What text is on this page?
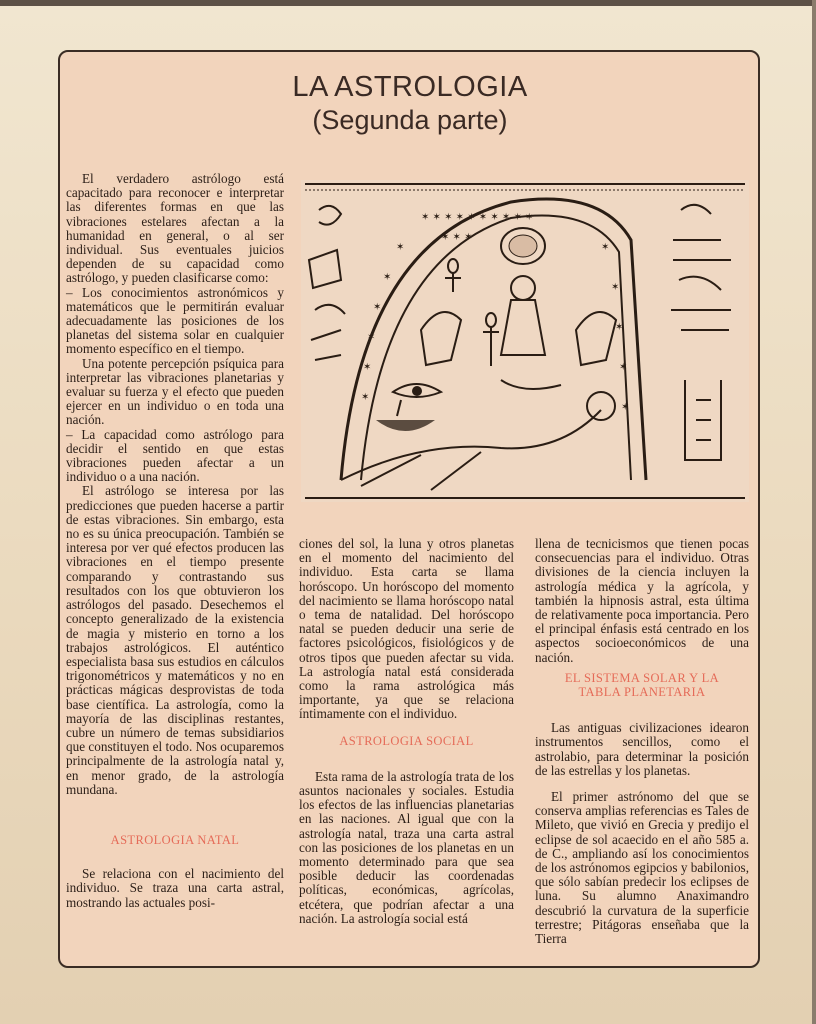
LA ASTROLOGIA
(Segunda parte)

El verdadero astrólogo está capacitado para reconocer e interpretar las diferentes formas en que las vibraciones estelares afectan a la humanidad en general, o al ser individual. Sus eventuales juicios dependen de su capacidad como astrólogo, y pueden clasificarse como:

– Los conocimientos astronómicos y matemáticos que le permitirán evaluar adecuadamente las posiciones de los planetas del sistema solar en cualquier momento específico en el tiempo.

Una potente percepción psíquica para interpretar las vibraciones planetarias y evaluar su fuerza y el efecto que pueden ejercer en un individuo o en toda una nación.

– La capacidad como astrólogo para decidir el sentido en que estas vibraciones pueden afectar a un individuo o a una nación.

El astrólogo se interesa por las predicciones que pueden hacerse a partir de estas vibraciones. Sin embargo, esta no es su única preocupación. También se interesa por ver qué efectos producen las vibraciones en el tiempo presente comparando y contrastando sus resultados con los que obtuvieron los astrólogos del pasado. Desechemos el concepto generalizado de la existencia de magia y misterio en torno a los trabajos astrológicos. El auténtico especialista basa sus estudios en cálculos trigonométricos y matemáticos y no en prácticas mágicas desprovistas de toda base científica. La astrología, como la mayoría de las disciplinas restantes, cubre un número de temas subsidiarios que constituyen el todo. Nos ocuparemos principalmente de la astrología natal y, en menor grado, de la astrología mundana.

ASTROLOGIA NATAL

Se relaciona con el nacimiento del individuo. Se traza una carta astral, mostrando las actuales posi-

✶ ✶ ✶ ✶ ✶ ✶ ✶ ✶ ✶ ✶
✶
✶
✶
✶
✶
✶
✶
✶
✶
✶
✶
✶ ✶ ✶

ciones del sol, la luna y otros planetas en el momento del nacimiento del individuo. Esta carta se llama horóscopo. Un horóscopo del momento del nacimiento se llama horóscopo natal o tema de natalidad. Del horóscopo natal se pueden deducir una serie de factores psicológicos, fisiológicos y de otros tipos que pueden afectar su vida. La astrología natal está considerada como la rama astrológica más importante, ya que se relaciona íntimamente con el individuo.

ASTROLOGIA SOCIAL

Esta rama de la astrología trata de los asuntos nacionales y sociales. Estudia los efectos de las influencias planetarias en las naciones. Al igual que con la astrología natal, traza una carta astral con las posiciones de los planetas en un momento determinado para que sea posible deducir las coordenadas políticas, económicas, agrícolas, etcétera, que podrían afectar a una nación. La astrología social está

llena de tecnicismos que tienen pocas consecuencias para el individuo. Otras divisiones de la ciencia incluyen la astrología médica y la agrícola, y también la hipnosis astral, esta última de relativamente poca importancia. Pero el principal énfasis está centrado en los aspectos socioeconómicos de una nación.

EL SISTEMA SOLAR Y LA
TABLA PLANETARIA

Las antiguas civilizaciones idearon instrumentos sencillos, como el astrolabio, para determinar la posición de las estrellas y los planetas.

El primer astrónomo del que se conserva amplias referencias es Tales de Mileto, que vivió en Grecia y predijo el eclipse de sol acaecido en el año 585 a. de C., ampliando así los conocimientos de los astrónomos egipcios y babilonios, que sólo sabían predecir los eclipses de luna. Su alumno Anaximandro descubrió la curvatura de la superficie terrestre; Pitágoras enseñaba que la Tierra
